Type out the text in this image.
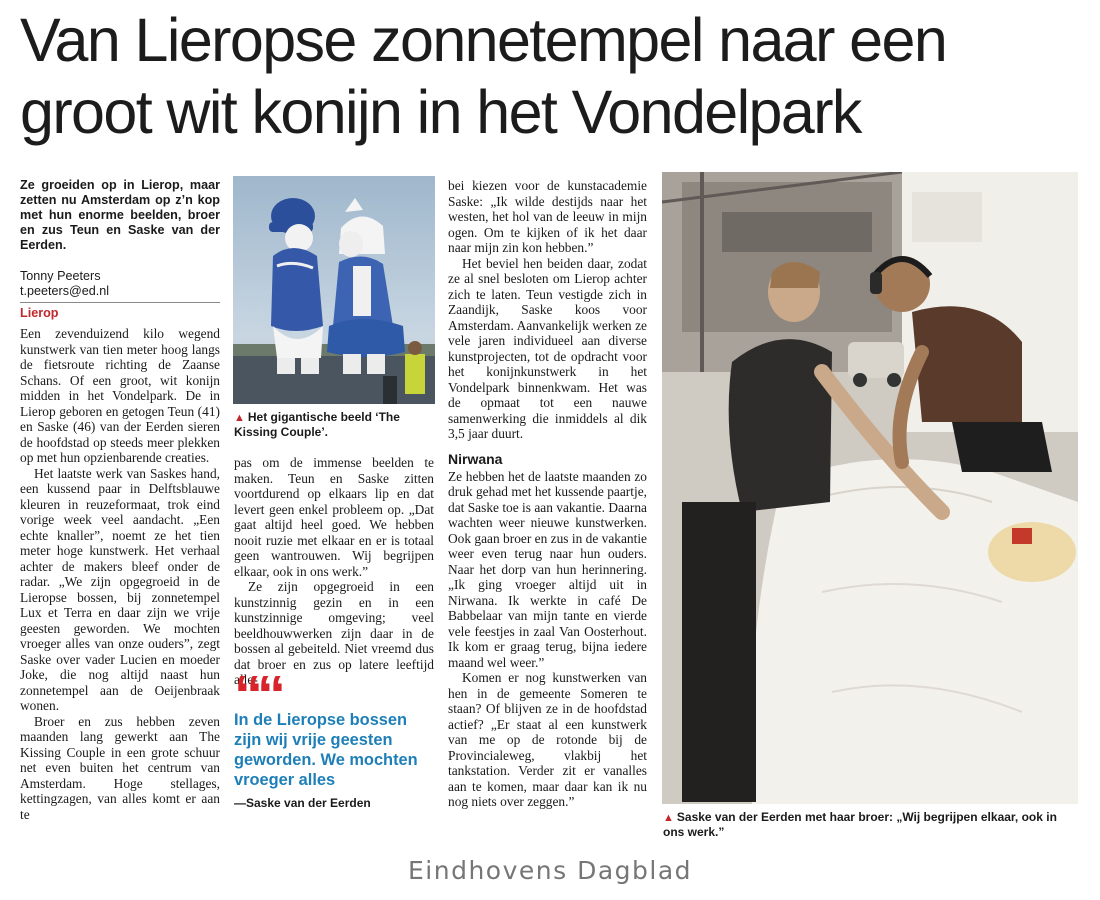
Van Lieropse zonnetempel naar een groot wit konijn in het Vondelpark

Ze groeiden op in Lierop, maar zetten nu Amsterdam op z’n kop met hun enorme beelden, broer en zus Teun en Saske van der Eerden.

Tonny Peeters
t.peeters@ed.nl
Lierop

Een zevenduizend kilo wegend kunstwerk van tien meter hoog langs de fietsroute richting de Zaanse Schans. Of een groot, wit konijn midden in het Vondelpark. De in Lierop geboren en getogen Teun (41) en Saske (46) van der Eerden sieren de hoofdstad op steeds meer plekken op met hun opzienbarende creaties.

Het laatste werk van Saskes hand, een kussend paar in Delftsblauwe kleuren in reuzeformaat, trok eind vorige week veel aandacht. „Een echte knaller”, noemt ze het tien meter hoge kunstwerk. Het verhaal achter de makers bleef onder de radar. „We zijn opgegroeid in de Lieropse bossen, bij zonnetempel Lux et Terra en daar zijn we vrije geesten geworden. We mochten vroeger alles van onze ouders”, zegt Saske over vader Lucien en moeder Joke, die nog altijd naast hun zonnetempel aan de Oeijenbraak wonen.

Broer en zus hebben zeven maanden lang gewerkt aan The Kissing Couple in een grote schuur net even buiten het centrum van Amsterdam. Hoge stellages, kettingzagen, van alles komt er aan te

▲ Het gigantische beeld ‘The Kissing Couple’.

pas om de immense beelden te maken. Teun en Saske zitten voortdurend op elkaars lip en dat levert geen enkel probleem op. „Dat gaat altijd heel goed. We hebben nooit ruzie met elkaar en er is totaal geen wantrouwen. Wij begrijpen elkaar, ook in ons werk.”

Ze zijn opgegroeid in een kunstzinnig gezin en in een kunstzinnige omgeving; veel beeldhouwwerken zijn daar in de bossen al gebeiteld. Niet vreemd dus dat broer en zus op latere leeftijd alle-

In de Lieropse bossen zijn wij vrije geesten geworden. We mochten vroeger alles
—Saske van der Eerden

bei kiezen voor de kunstacademie Saske: „Ik wilde destijds naar het westen, het hol van de leeuw in mijn ogen. Om te kijken of ik het daar naar mijn zin kon hebben.”

Het beviel hen beiden daar, zodat ze al snel besloten om Lierop achter zich te laten. Teun vestigde zich in Zaandijk, Saske koos voor Amsterdam. Aanvankelijk werken ze vele jaren individueel aan diverse kunstprojecten, tot de opdracht voor het konijnkunstwerk in het Vondelpark binnenkwam. Het was de opmaat tot een nauwe samenwerking die inmiddels al dik 3,5 jaar duurt.

Nirwana

Ze hebben het de laatste maanden zo druk gehad met het kussende paartje, dat Saske toe is aan vakantie. Daarna wachten weer nieuwe kunstwerken. Ook gaan broer en zus in de vakantie weer even terug naar hun ouders. Naar het dorp van hun herinnering. „Ik ging vroeger altijd uit in Nirwana. Ik werkte in café De Babbelaar van mijn tante en vierde vele feestjes in zaal Van Oosterhout. Ik kom er graag terug, bijna iedere maand wel weer.”

Komen er nog kunstwerken van hen in de gemeente Someren te staan? Of blijven ze in de hoofdstad actief? „Er staat al een kunstwerk van me op de rotonde bij de Provincialeweg, vlakbij het tankstation. Verder zit er vanalles aan te komen, maar daar kan ik nu nog niets over zeggen.”

▲ Saske van der Eerden met haar broer: „Wij begrijpen elkaar, ook in ons werk.”
Eindhovens Dagblad
